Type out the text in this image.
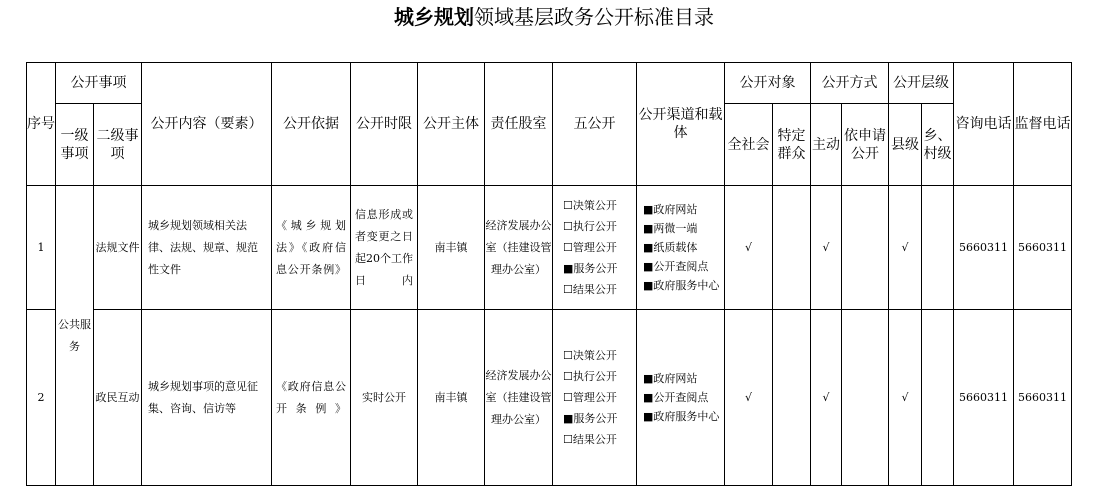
城乡规划领域基层政务公开标准目录
序号	公开事项		公开内容（要素）	公开依据	公开时限	公开主体	责任股室	五公开	公开渠道和载体	公开对象		公开方式		公开层级		咨询电话	监督电话
	一级事项	二级事项								全社会	特定群众	主动	依申请公开	县级	乡、村级		
1	公共服务	法规文件	城乡规划领域相关法律、法规、规章、规范性文件	《城乡规划法》《政府信息公开条例》	信息形成或者变更之日起20个工作日内	南丰镇	经济发展办公室（挂建设管理办公室）	☐决策公开
☐执行公开
☐管理公开
■服务公开
☐结果公开	■政府网站
■两微一端
■纸质载体
■公开查阅点
■政府服务中心	√		√		√		5660311	5660311
2		政民互动	城乡规划事项的意见征集、咨询、信访等	《政府信息公开条例》	实时公开	南丰镇	经济发展办公室（挂建设管理办公室）	☐决策公开
☐执行公开
☐管理公开
■服务公开
☐结果公开	■政府网站
■公开查阅点
■政府服务中心	√		√		√		5660311	5660311
